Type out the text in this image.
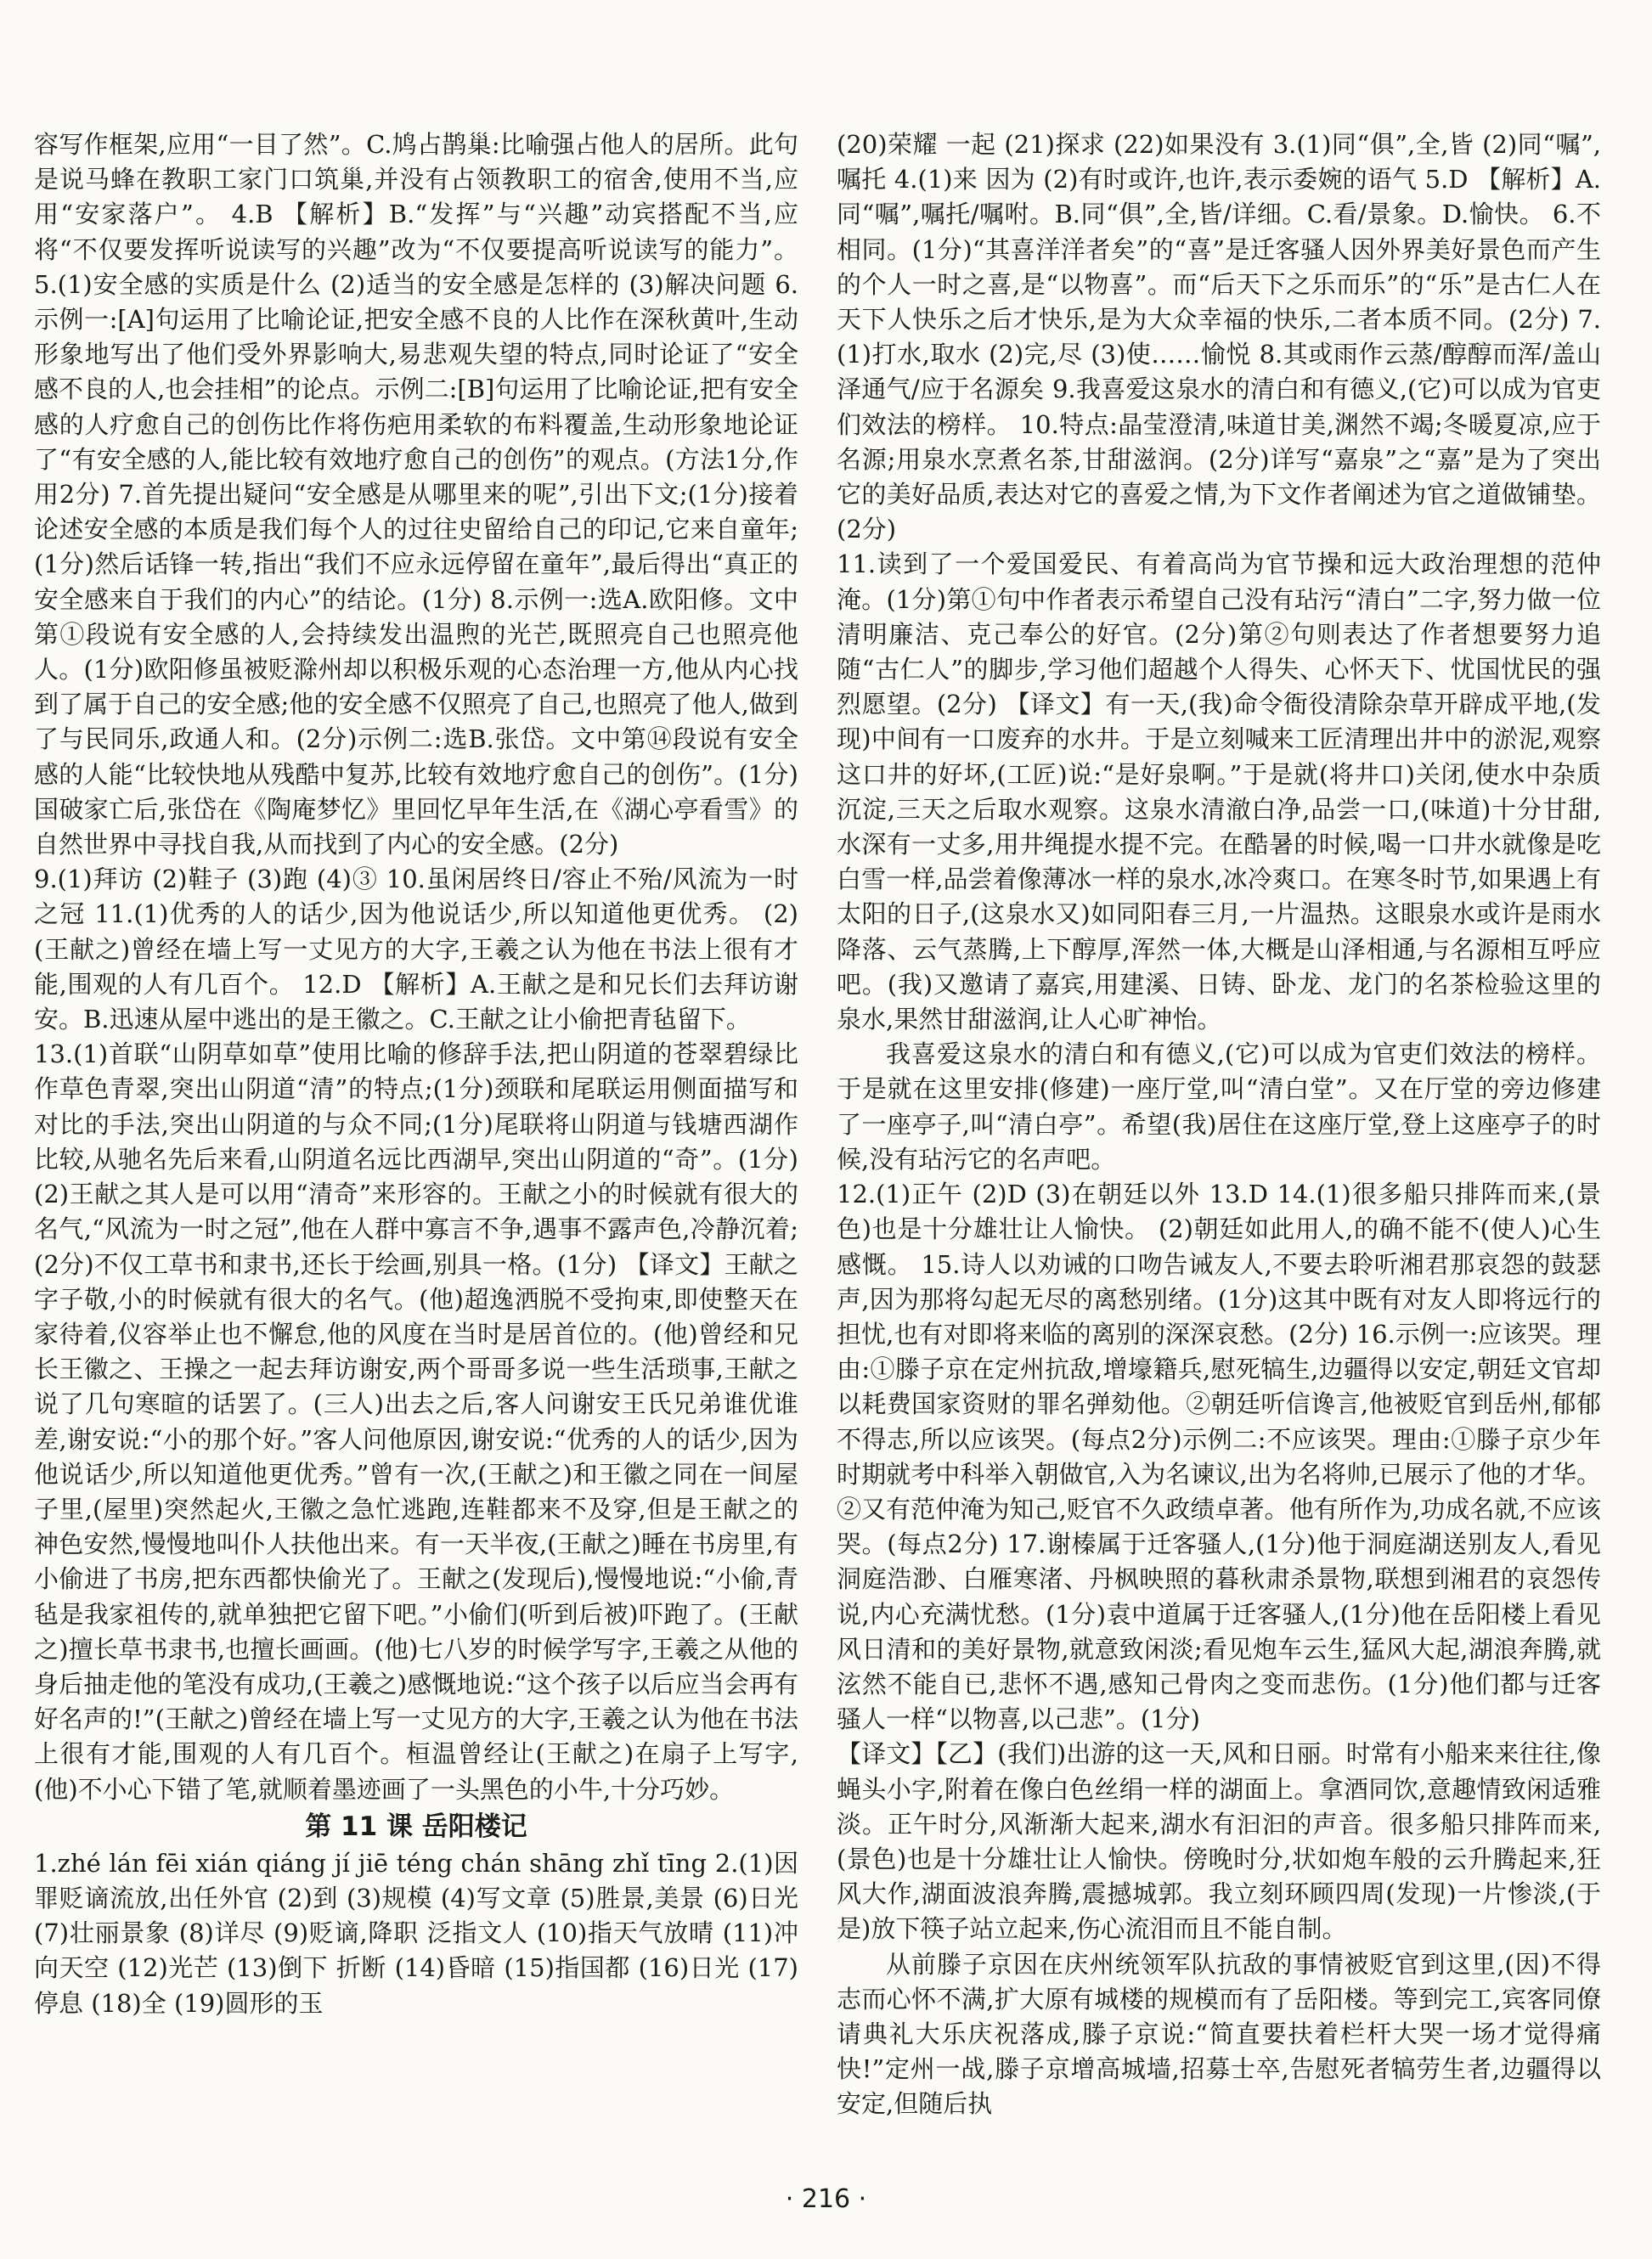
容写作框架,应用“一目了然”。C.鸠占鹊巢:比喻强占他人的居所。此句是说马蜂在教职工家门口筑巢,并没有占领教职工的宿舍,使用不当,应用“安家落户”。 4.B 【解析】B.“发挥”与“兴趣”动宾搭配不当,应将“不仅要发挥听说读写的兴趣”改为“不仅要提高听说读写的能力”。 5.(1)安全感的实质是什么 (2)适当的安全感是怎样的 (3)解决问题 6.示例一:[A]句运用了比喻论证,把安全感不良的人比作在深秋黄叶,生动形象地写出了他们受外界影响大,易悲观失望的特点,同时论证了“安全感不良的人,也会挂相”的论点。示例二:[B]句运用了比喻论证,把有安全感的人疗愈自己的创伤比作将伤疤用柔软的布料覆盖,生动形象地论证了“有安全感的人,能比较有效地疗愈自己的创伤”的观点。(方法1分,作用2分) 7.首先提出疑问“安全感是从哪里来的呢”,引出下文;(1分)接着论述安全感的本质是我们每个人的过往史留给自己的印记,它来自童年;(1分)然后话锋一转,指出“我们不应永远停留在童年”,最后得出“真正的安全感来自于我们的内心”的结论。(1分) 8.示例一:选A.欧阳修。文中第①段说有安全感的人,会持续发出温煦的光芒,既照亮自己也照亮他人。(1分)欧阳修虽被贬滁州却以积极乐观的心态治理一方,他从内心找到了属于自己的安全感;他的安全感不仅照亮了自己,也照亮了他人,做到了与民同乐,政通人和。(2分)示例二:选B.张岱。文中第⑭段说有安全感的人能“比较快地从残酷中复苏,比较有效地疗愈自己的创伤”。(1分)国破家亡后,张岱在《陶庵梦忆》里回忆早年生活,在《湖心亭看雪》的自然世界中寻找自我,从而找到了内心的安全感。(2分)

9.(1)拜访 (2)鞋子 (3)跑 (4)③ 10.虽闲居终日/容止不殆/风流为一时之冠 11.(1)优秀的人的话少,因为他说话少,所以知道他更优秀。 (2)(王献之)曾经在墙上写一丈见方的大字,王羲之认为他在书法上很有才能,围观的人有几百个。 12.D 【解析】A.王献之是和兄长们去拜访谢安。B.迅速从屋中逃出的是王徽之。C.王献之让小偷把青毡留下。

13.(1)首联“山阴草如草”使用比喻的修辞手法,把山阴道的苍翠碧绿比作草色青翠,突出山阴道“清”的特点;(1分)颈联和尾联运用侧面描写和对比的手法,突出山阴道的与众不同;(1分)尾联将山阴道与钱塘西湖作比较,从驰名先后来看,山阴道名远比西湖早,突出山阴道的“奇”。(1分) (2)王献之其人是可以用“清奇”来形容的。王献之小的时候就有很大的名气,“风流为一时之冠”,他在人群中寡言不争,遇事不露声色,冷静沉着;(2分)不仅工草书和隶书,还长于绘画,别具一格。(1分) 【译文】王献之字子敬,小的时候就有很大的名气。(他)超逸洒脱不受拘束,即使整天在家待着,仪容举止也不懈怠,他的风度在当时是居首位的。(他)曾经和兄长王徽之、王操之一起去拜访谢安,两个哥哥多说一些生活琐事,王献之说了几句寒暄的话罢了。(三人)出去之后,客人问谢安王氏兄弟谁优谁差,谢安说:“小的那个好。”客人问他原因,谢安说:“优秀的人的话少,因为他说话少,所以知道他更优秀。”曾有一次,(王献之)和王徽之同在一间屋子里,(屋里)突然起火,王徽之急忙逃跑,连鞋都来不及穿,但是王献之的神色安然,慢慢地叫仆人扶他出来。有一天半夜,(王献之)睡在书房里,有小偷进了书房,把东西都快偷光了。王献之(发现后),慢慢地说:“小偷,青毡是我家祖传的,就单独把它留下吧。”小偷们(听到后被)吓跑了。(王献之)擅长草书隶书,也擅长画画。(他)七八岁的时候学写字,王羲之从他的身后抽走他的笔没有成功,(王羲之)感慨地说:“这个孩子以后应当会再有好名声的!”(王献之)曾经在墙上写一丈见方的大字,王羲之认为他在书法上很有才能,围观的人有几百个。桓温曾经让(王献之)在扇子上写字,(他)不小心下错了笔,就顺着墨迹画了一头黑色的小牛,十分巧妙。

第 11 课 岳阳楼记

1.zhé lán fēi xián qiáng jí jiē téng chán shāng zhǐ tīng 2.(1)因罪贬谪流放,出任外官 (2)到 (3)规模 (4)写文章 (5)胜景,美景 (6)日光 (7)壮丽景象 (8)详尽 (9)贬谪,降职 泛指文人 (10)指天气放晴 (11)冲向天空 (12)光芒 (13)倒下 折断 (14)昏暗 (15)指国都 (16)日光 (17)停息 (18)全 (19)圆形的玉

(20)荣耀 一起 (21)探求 (22)如果没有 3.(1)同“俱”,全,皆 (2)同“嘱”,嘱托 4.(1)来 因为 (2)有时或许,也许,表示委婉的语气 5.D 【解析】A.同“嘱”,嘱托/嘱咐。B.同“俱”,全,皆/详细。C.看/景象。D.愉快。 6.不相同。(1分)“其喜洋洋者矣”的“喜”是迁客骚人因外界美好景色而产生的个人一时之喜,是“以物喜”。而“后天下之乐而乐”的“乐”是古仁人在天下人快乐之后才快乐,是为大众幸福的快乐,二者本质不同。(2分) 7.(1)打水,取水 (2)完,尽 (3)使……愉悦 8.其或雨作云蒸/醇醇而浑/盖山泽通气/应于名源矣 9.我喜爱这泉水的清白和有德义,(它)可以成为官吏们效法的榜样。 10.特点:晶莹澄清,味道甘美,渊然不竭;冬暖夏凉,应于名源;用泉水烹煮名茶,甘甜滋润。(2分)详写“嘉泉”之“嘉”是为了突出它的美好品质,表达对它的喜爱之情,为下文作者阐述为官之道做铺垫。(2分)

11.读到了一个爱国爱民、有着高尚为官节操和远大政治理想的范仲淹。(1分)第①句中作者表示希望自己没有玷污“清白”二字,努力做一位清明廉洁、克己奉公的好官。(2分)第②句则表达了作者想要努力追随“古仁人”的脚步,学习他们超越个人得失、心怀天下、忧国忧民的强烈愿望。(2分) 【译文】有一天,(我)命令衙役清除杂草开辟成平地,(发现)中间有一口废弃的水井。于是立刻喊来工匠清理出井中的淤泥,观察这口井的好坏,(工匠)说:“是好泉啊。”于是就(将井口)关闭,使水中杂质沉淀,三天之后取水观察。这泉水清澈白净,品尝一口,(味道)十分甘甜,水深有一丈多,用井绳提水提不完。在酷暑的时候,喝一口井水就像是吃白雪一样,品尝着像薄冰一样的泉水,冰冷爽口。在寒冬时节,如果遇上有太阳的日子,(这泉水又)如同阳春三月,一片温热。这眼泉水或许是雨水降落、云气蒸腾,上下醇厚,浑然一体,大概是山泽相通,与名源相互呼应吧。(我)又邀请了嘉宾,用建溪、日铸、卧龙、龙门的名茶检验这里的泉水,果然甘甜滋润,让人心旷神怡。

我喜爱这泉水的清白和有德义,(它)可以成为官吏们效法的榜样。于是就在这里安排(修建)一座厅堂,叫“清白堂”。又在厅堂的旁边修建了一座亭子,叫“清白亭”。希望(我)居住在这座厅堂,登上这座亭子的时候,没有玷污它的名声吧。

12.(1)正午 (2)D (3)在朝廷以外 13.D 14.(1)很多船只排阵而来,(景色)也是十分雄壮让人愉快。 (2)朝廷如此用人,的确不能不(使人)心生感慨。 15.诗人以劝诫的口吻告诫友人,不要去聆听湘君那哀怨的鼓瑟声,因为那将勾起无尽的离愁别绪。(1分)这其中既有对友人即将远行的担忧,也有对即将来临的离别的深深哀愁。(2分) 16.示例一:应该哭。理由:①滕子京在定州抗敌,增壕籍兵,慰死犒生,边疆得以安定,朝廷文官却以耗费国家资财的罪名弹劾他。②朝廷听信谗言,他被贬官到岳州,郁郁不得志,所以应该哭。(每点2分)示例二:不应该哭。理由:①滕子京少年时期就考中科举入朝做官,入为名谏议,出为名将帅,已展示了他的才华。②又有范仲淹为知己,贬官不久政绩卓著。他有所作为,功成名就,不应该哭。(每点2分) 17.谢榛属于迁客骚人,(1分)他于洞庭湖送别友人,看见洞庭浩渺、白雁寒渚、丹枫映照的暮秋肃杀景物,联想到湘君的哀怨传说,内心充满忧愁。(1分)袁中道属于迁客骚人,(1分)他在岳阳楼上看见风日清和的美好景物,就意致闲淡;看见炮车云生,猛风大起,湖浪奔腾,就泫然不能自已,悲怀不遇,感知己骨肉之变而悲伤。(1分)他们都与迁客骚人一样“以物喜,以己悲”。(1分)

【译文】【乙】(我们)出游的这一天,风和日丽。时常有小船来来往往,像蝇头小字,附着在像白色丝绢一样的湖面上。拿酒同饮,意趣情致闲适雅淡。正午时分,风渐渐大起来,湖水有汩汩的声音。很多船只排阵而来,(景色)也是十分雄壮让人愉快。傍晚时分,状如炮车般的云升腾起来,狂风大作,湖面波浪奔腾,震撼城郭。我立刻环顾四周(发现)一片惨淡,(于是)放下筷子站立起来,伤心流泪而且不能自制。

从前滕子京因在庆州统领军队抗敌的事情被贬官到这里,(因)不得志而心怀不满,扩大原有城楼的规模而有了岳阳楼。等到完工,宾客同僚请典礼大乐庆祝落成,滕子京说:“简直要扶着栏杆大哭一场才觉得痛快!”定州一战,滕子京增高城墙,招募士卒,告慰死者犒劳生者,边疆得以安定,但随后执

· 216 ·
